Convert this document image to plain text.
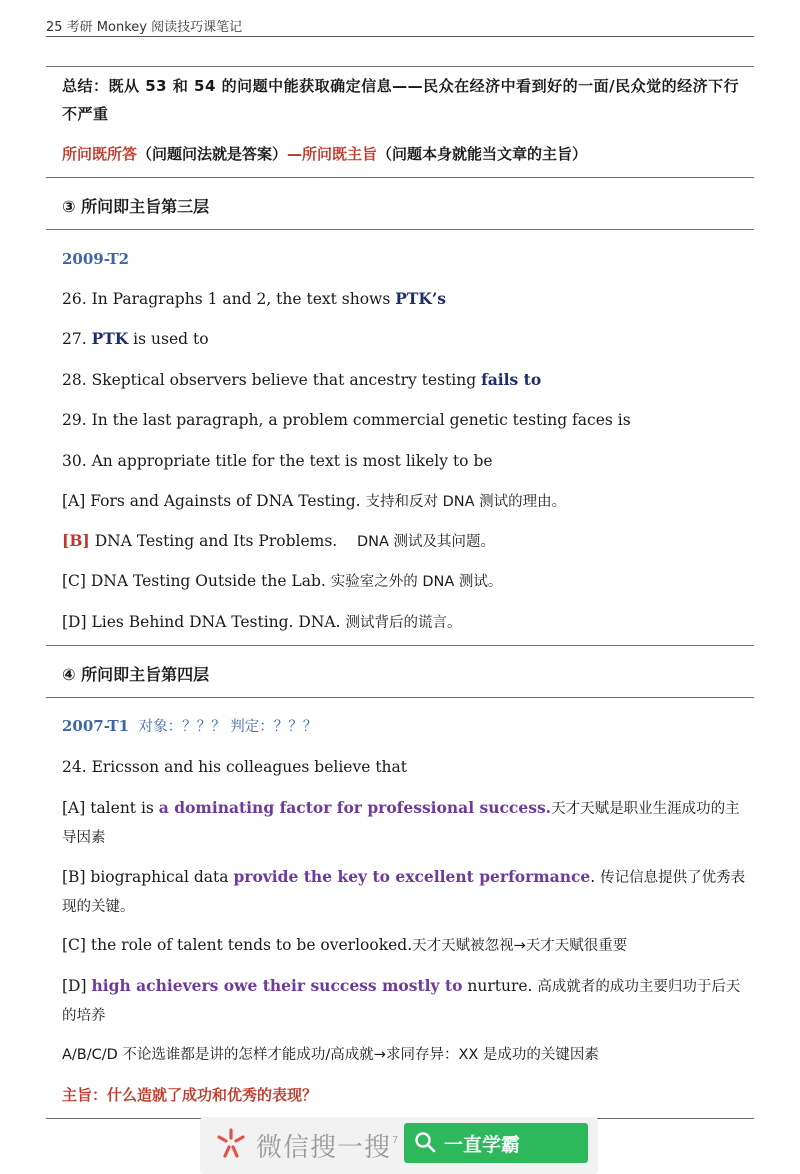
25 考研 Monkey 阅读技巧课笔记
总结：既从 53 和 54 的问题中能获取确定信息——民众在经济中看到好的一面/民众觉的经济下行不严重
所问既所答（问题问法就是答案）—所问既主旨（问题本身就能当文章的主旨）
③ 所问即主旨第三层
2009-T2
26. In Paragraphs 1 and 2, the text shows PTK’s
27. PTK is used to
28. Skeptical observers believe that ancestry testing fails to
29. In the last paragraph, a problem commercial genetic testing faces is
30. An appropriate title for the text is most likely to be
[A] Fors and Againsts of DNA Testing. 支持和反对 DNA 测试的理由。
[B] DNA Testing and Its Problems. DNA 测试及其问题。
[C] DNA Testing Outside the Lab. 实验室之外的 DNA 测试。
[D] Lies Behind DNA Testing. DNA. 测试背后的谎言。
④ 所问即主旨第四层
2007-T1 对象：？？？ 判定：？？？
24. Ericsson and his colleagues believe that
[A] talent is a dominating factor for professional success.天才天赋是职业生涯成功的主导因素
[B] biographical data provide the key to excellent performance. 传记信息提供了优秀表现的关键。
[C] the role of talent tends to be overlooked.天才天赋被忽视→天才天赋很重要
[D] high achievers owe their success mostly to nurture. 高成就者的成功主要归功于后天的培养
A/B/C/D 不论选谁都是讲的怎样才能成功/高成就→求同存异：XX 是成功的关键因素
主旨：什么造就了成功和优秀的表现？
微信搜一搜 7 一直学霸
